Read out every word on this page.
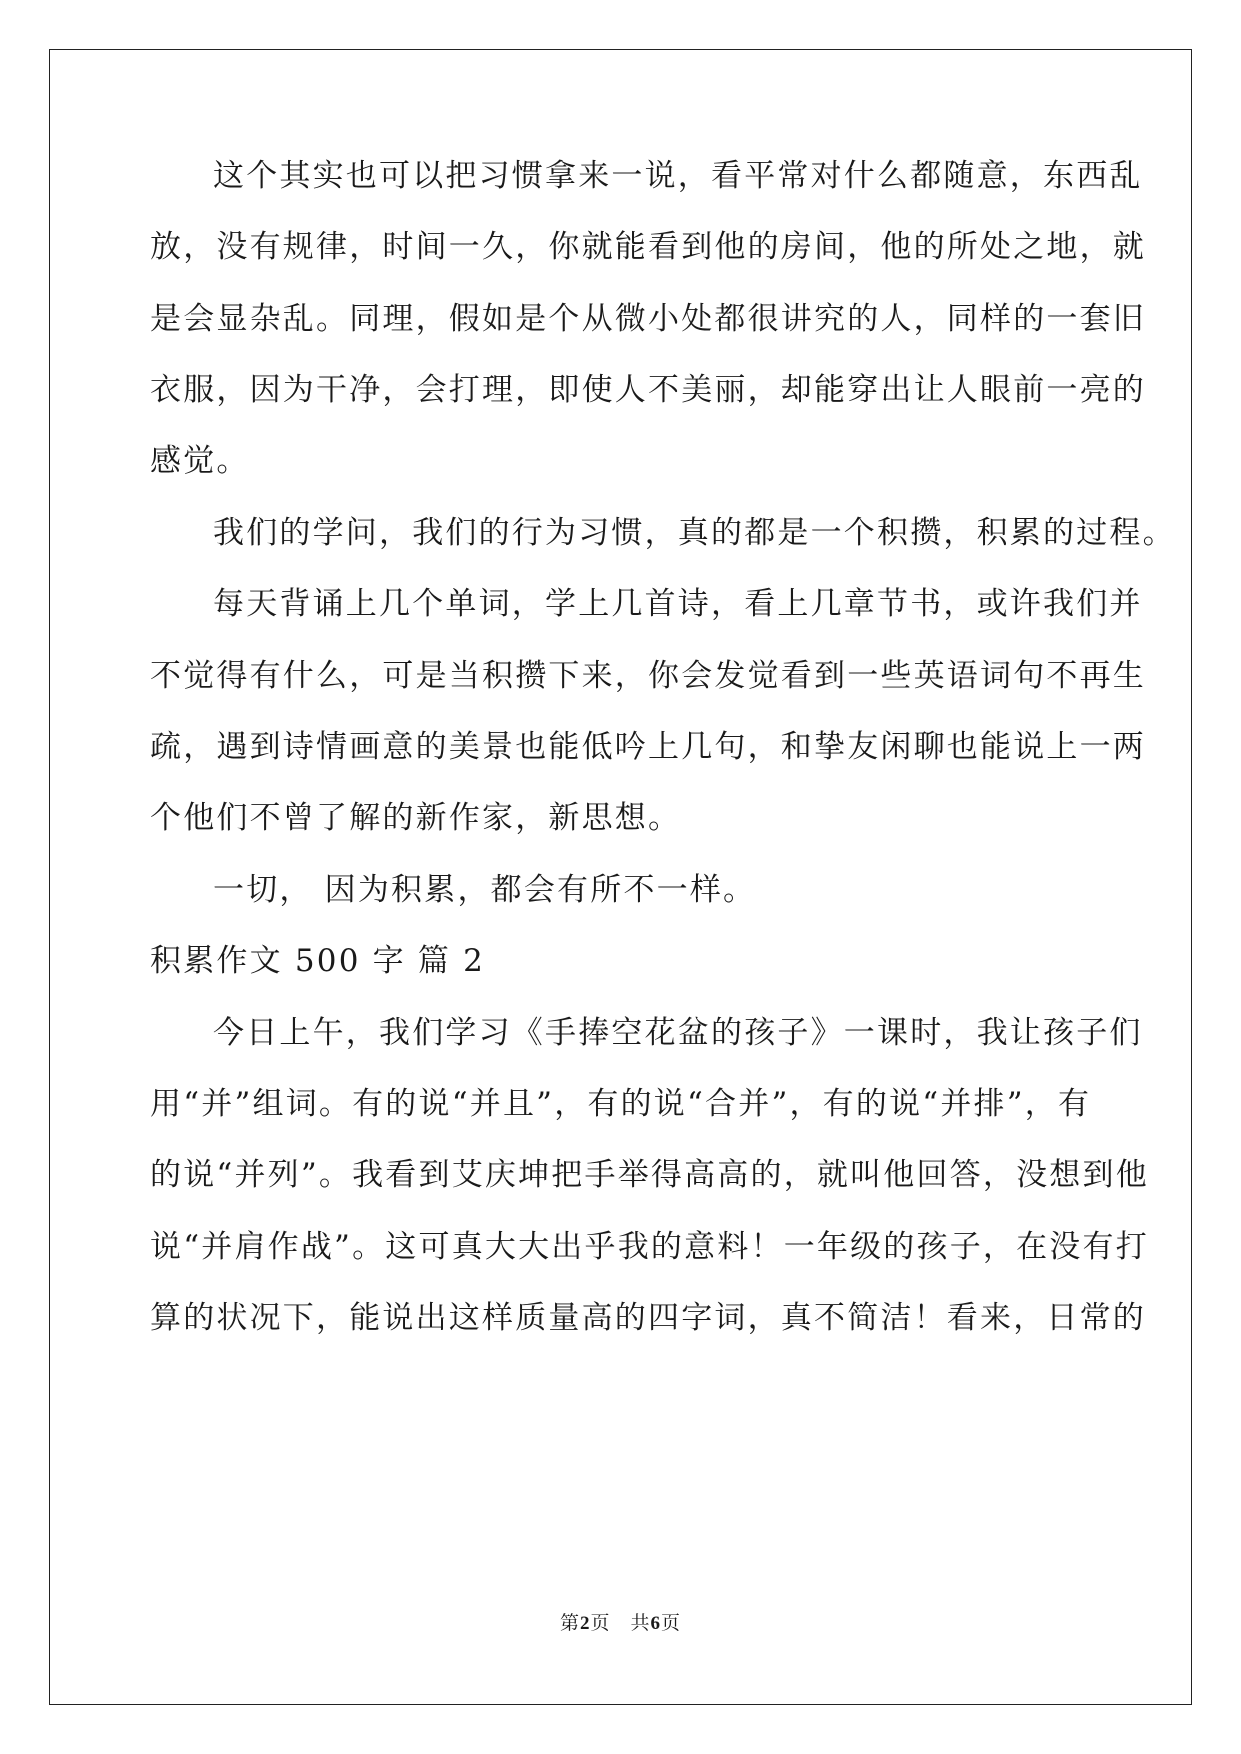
这个其实也可以把习惯拿来一说，看平常对什么都随意，东西乱
放，没有规律，时间一久，你就能看到他的房间，他的所处之地，就
是会显杂乱。同理，假如是个从微小处都很讲究的人，同样的一套旧
衣服，因为干净，会打理，即使人不美丽，却能穿出让人眼前一亮的
感觉。
我们的学问，我们的行为习惯，真的都是一个积攒，积累的过程。
每天背诵上几个单词，学上几首诗，看上几章节书，或许我们并
不觉得有什么，可是当积攒下来，你会发觉看到一些英语词句不再生
疏，遇到诗情画意的美景也能低吟上几句，和挚友闲聊也能说上一两
个他们不曾了解的新作家，新思想。
一切， 因为积累，都会有所不一样。
积累作文 500 字 篇 2
今日上午，我们学习《手捧空花盆的孩子》一课时，我让孩子们
用“并”组词。有的说“并且”，有的说“合并”，有的说“并排”，有
的说“并列”。我看到艾庆坤把手举得高高的，就叫他回答，没想到他
说“并肩作战”。这可真大大出乎我的意料！一年级的孩子，在没有打
算的状况下，能说出这样质量高的四字词，真不简洁！看来，日常的
第2页　共6页
